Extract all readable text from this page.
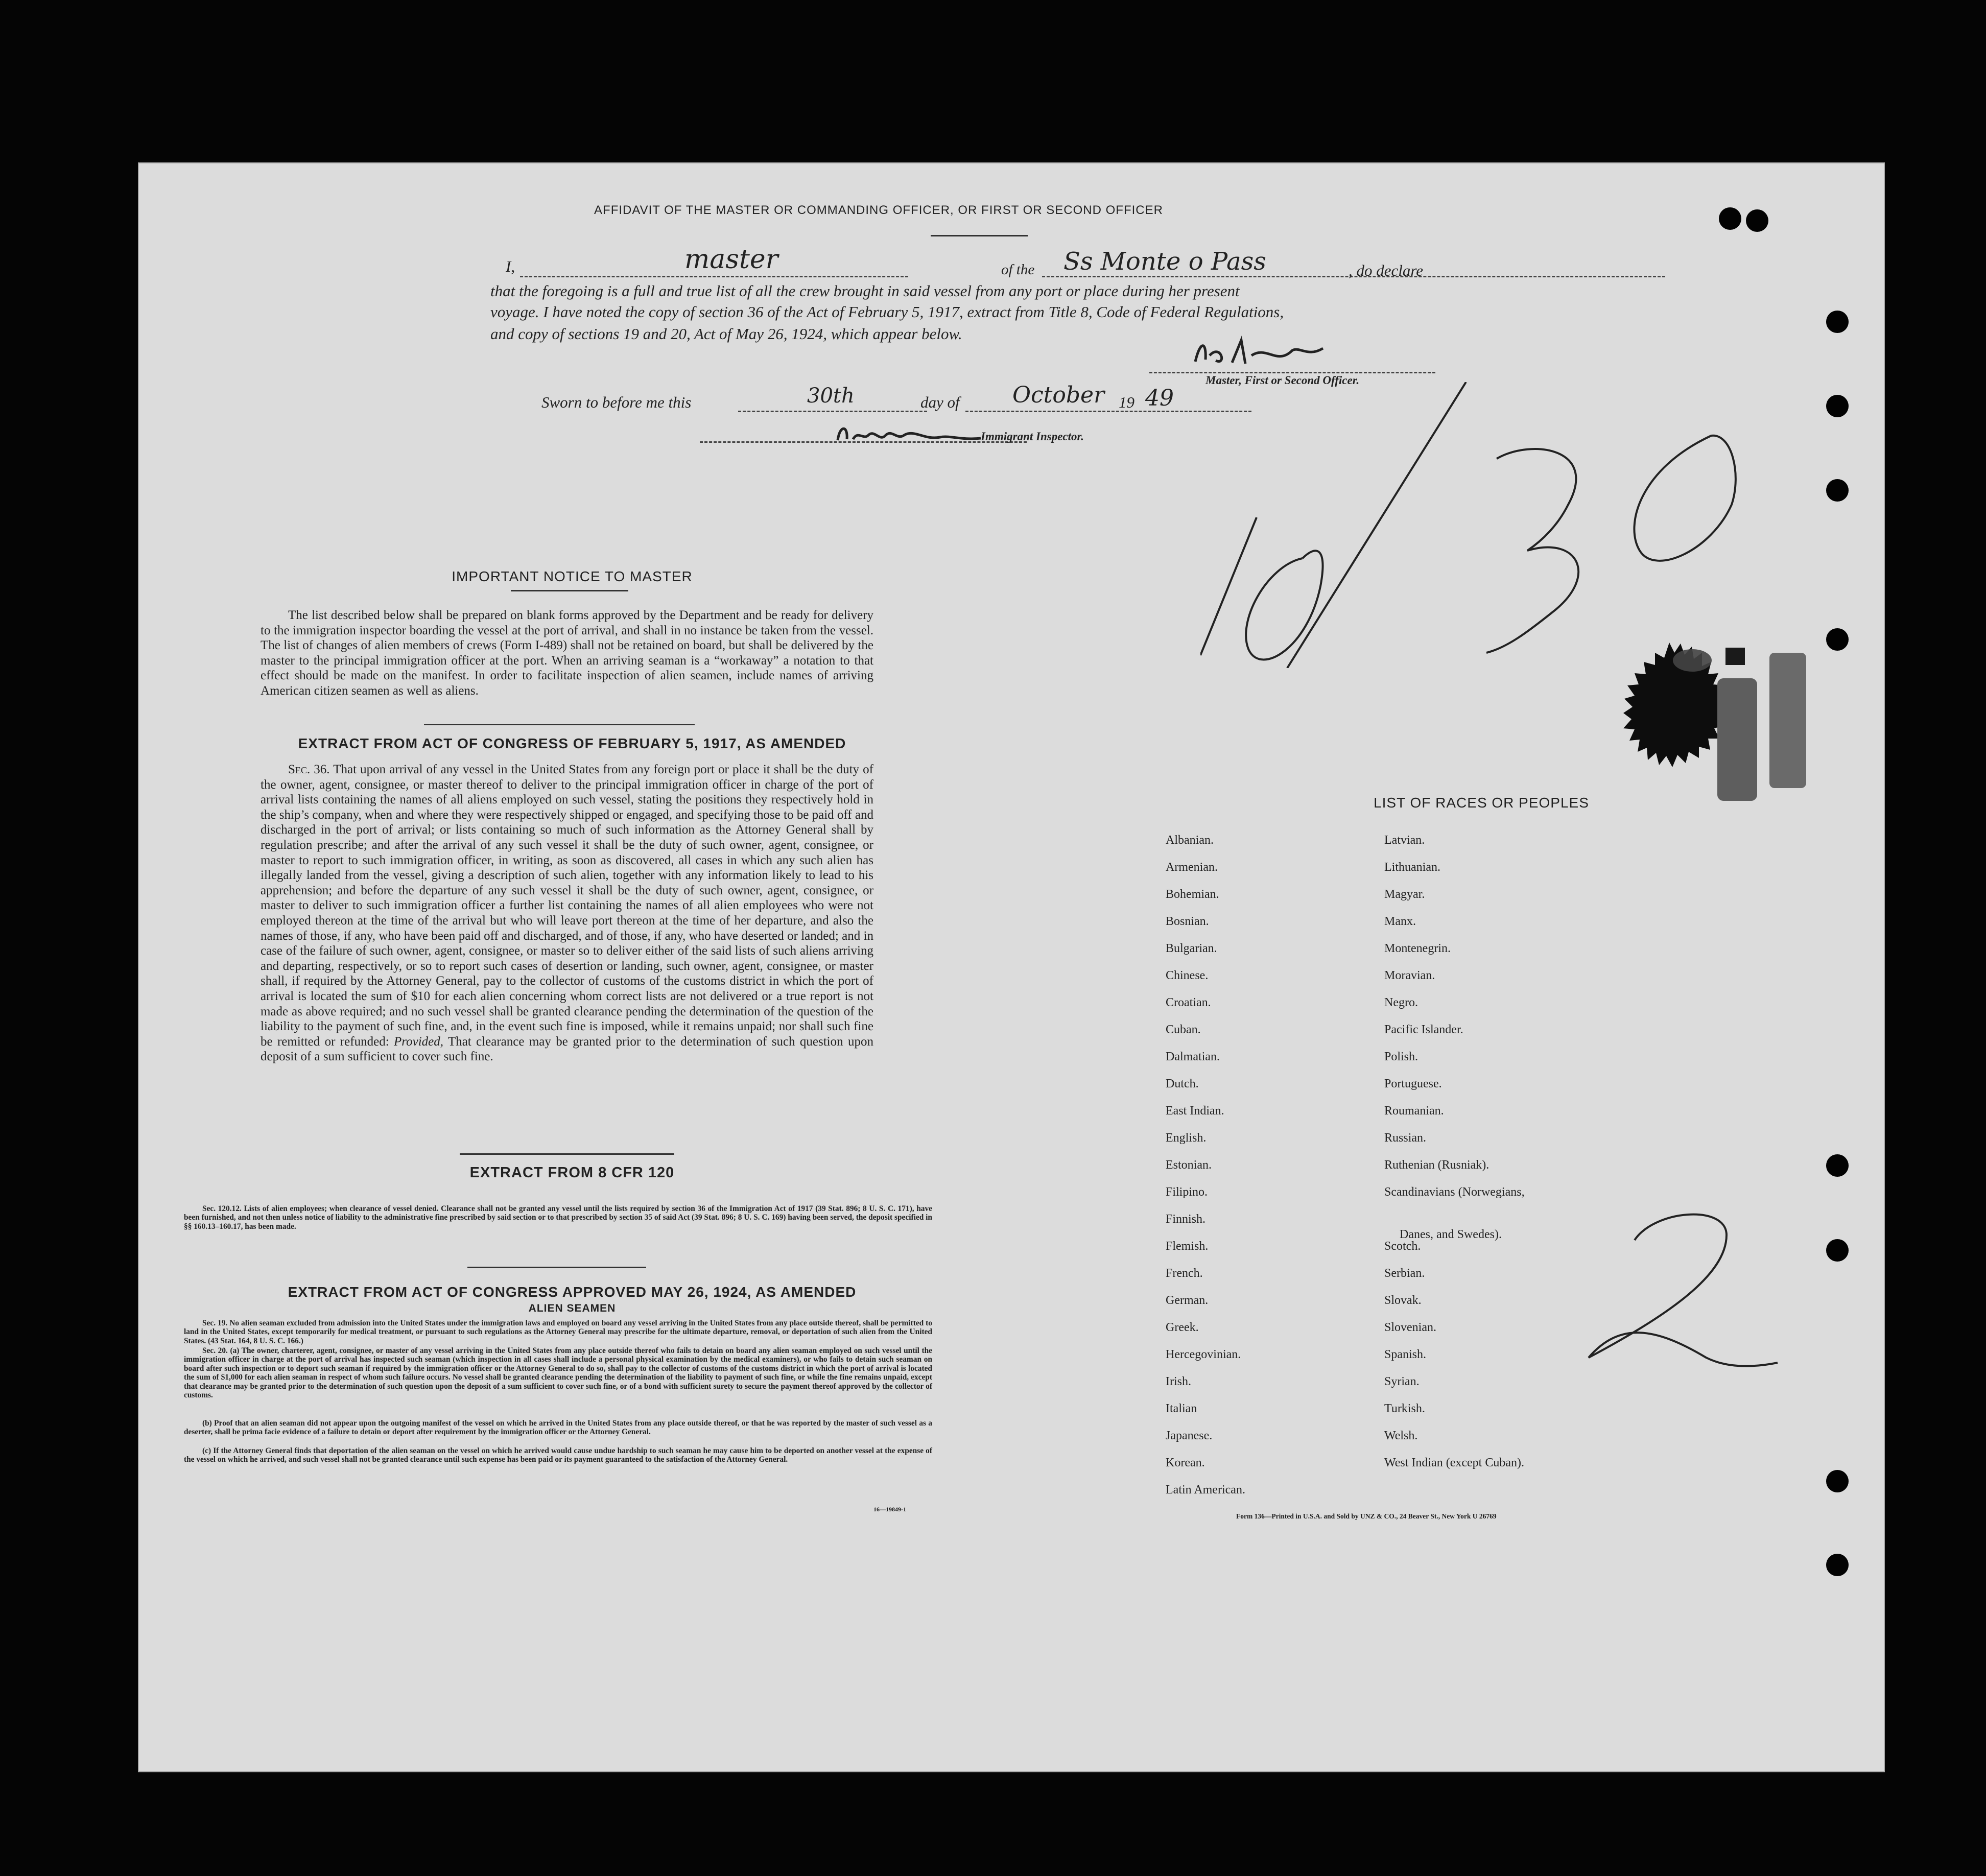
AFFIDAVIT OF THE MASTER OR COMMANDING OFFICER, OR FIRST OR SECOND OFFICER
I,	master	of the Ss Monte o Pass	, do declare
that the foregoing is a full and true list of all the crew brought in said vessel from any port or place during her present
voyage. I have noted the copy of section 36 of the Act of February 5, 1917, extract from Title 8, Code of Federal Regulations,
and copy of sections 19 and 20, Act of May 26, 1924, which appear below.
Master, First or Second Officer.
Sworn to before me this	30th	day of October 19 49
Immigrant Inspector.
IMPORTANT NOTICE TO MASTER
The list described below shall be prepared on blank forms approved by the Department and be ready for delivery to the immigration inspector boarding the vessel at the port of arrival, and shall in no instance be taken from the vessel. The list of changes of alien members of crews (Form I-489) shall not be retained on board, but shall be delivered by the master to the principal immigration officer at the port. When an arriving seaman is a “workaway” a notation to that effect should be made on the manifest. In order to facilitate inspection of alien seamen, include names of arriving American citizen seamen as well as aliens.
EXTRACT FROM ACT OF CONGRESS OF FEBRUARY 5, 1917, AS AMENDED
Sec. 36. That upon arrival of any vessel in the United States from any foreign port or place it shall be the duty of the owner, agent, consignee, or master thereof to deliver to the principal immigration officer in charge of the port of arrival lists containing the names of all aliens employed on such vessel, stating the positions they respectively hold in the ship’s company, when and where they were respectively shipped or engaged, and specifying those to be paid off and discharged in the port of arrival; or lists containing so much of such information as the Attorney General shall by regulation prescribe; and after the arrival of any such vessel it shall be the duty of such owner, agent, consignee, or master to report to such immigration officer, in writing, as soon as discovered, all cases in which any such alien has illegally landed from the vessel, giving a description of such alien, together with any information likely to lead to his apprehension; and before the departure of any such vessel it shall be the duty of such owner, agent, consignee, or master to deliver to such immigration officer a further list containing the names of all alien employees who were not employed thereon at the time of the arrival but who will leave port thereon at the time of her departure, and also the names of those, if any, who have been paid off and discharged, and of those, if any, who have deserted or landed; and in case of the failure of such owner, agent, consignee, or master so to deliver either of the said lists of such aliens arriving and departing, respectively, or so to report such cases of desertion or landing, such owner, agent, consignee, or master shall, if required by the Attorney General, pay to the collector of customs of the customs district in which the port of arrival is located the sum of $10 for each alien concerning whom correct lists are not delivered or a true report is not made as above required; and no such vessel shall be granted clearance pending the determination of the question of the liability to the payment of such fine, and, in the event such fine is imposed, while it remains unpaid; nor shall such fine be remitted or refunded: Provided, That clearance may be granted prior to the determination of such question upon deposit of a sum sufficient to cover such fine.
EXTRACT FROM 8 CFR 120
Sec. 120.12. Lists of alien employees; when clearance of vessel denied. Clearance shall not be granted any vessel until the lists required by section 36 of the Immigration Act of 1917 (39 Stat. 896; 8 U. S. C. 171), have been furnished, and not then unless notice of liability to the administrative fine prescribed by said section or to that prescribed by section 35 of said Act (39 Stat. 896; 8 U. S. C. 169) having been served, the deposit specified in §§ 160.13–160.17, has been made.
EXTRACT FROM ACT OF CONGRESS APPROVED MAY 26, 1924, AS AMENDED
ALIEN SEAMEN
Sec. 19. No alien seaman excluded from admission into the United States under the immigration laws and employed on board any vessel arriving in the United States from any place outside thereof, shall be permitted to land in the United States, except temporarily for medical treatment, or pursuant to such regulations as the Attorney General may prescribe for the ultimate departure, removal, or deportation of such alien from the United States. (43 Stat. 164, 8 U. S. C. 166.)
Sec. 20. (a) The owner, charterer, agent, consignee, or master of any vessel arriving in the United States from any place outside thereof who fails to detain on board any alien seaman employed on such vessel until the immigration officer in charge at the port of arrival has inspected such seaman (which inspection in all cases shall include a personal physical examination by the medical examiners), or who fails to detain such seaman on board after such inspection or to deport such seaman if required by the immigration officer or the Attorney General to do so, shall pay to the collector of customs of the customs district in which the port of arrival is located the sum of $1,000 for each alien seaman in respect of whom such failure occurs. No vessel shall be granted clearance pending the determination of the liability to payment of such fine, or while the fine remains unpaid, except that clearance may be granted prior to the determination of such question upon the deposit of a sum sufficient to cover such fine, or of a bond with sufficient surety to secure the payment thereof approved by the collector of customs.
(b) Proof that an alien seaman did not appear upon the outgoing manifest of the vessel on which he arrived in the United States from any place outside thereof, or that he was reported by the master of such vessel as a deserter, shall be prima facie evidence of a failure to detain or deport after requirement by the immigration officer or the Attorney General.
(c) If the Attorney General finds that deportation of the alien seaman on the vessel on which he arrived would cause undue hardship to such seaman he may cause him to be deported on another vessel at the expense of the vessel on which he arrived, and such vessel shall not be granted clearance until such expense has been paid or its payment guaranteed to the satisfaction of the Attorney General.
16—19849-1
LIST OF RACES OR PEOPLES
Albanian.
Armenian.
Bohemian.
Bosnian.
Bulgarian.
Chinese.
Croatian.
Cuban.
Dalmatian.
Dutch.
East Indian.
English.
Estonian.
Filipino.
Finnish.
Flemish.
French.
German.
Greek.
Hercegovinian.
Irish.
Italian
Japanese.
Korean.
Latin American.
Latvian.
Lithuanian.
Magyar.
Manx.
Montenegrin.
Moravian.
Negro.
Pacific Islander.
Polish.
Portuguese.
Roumanian.
Russian.
Ruthenian (Rusniak).
Scandinavians (Norwegians,
Danes, and Swedes).
Scotch.
Serbian.
Slovak.
Slovenian.
Spanish.
Syrian.
Turkish.
Welsh.
West Indian (except Cuban).
Form 136—Printed in U.S.A. and Sold by UNZ & CO., 24 Beaver St., New York U 26769
